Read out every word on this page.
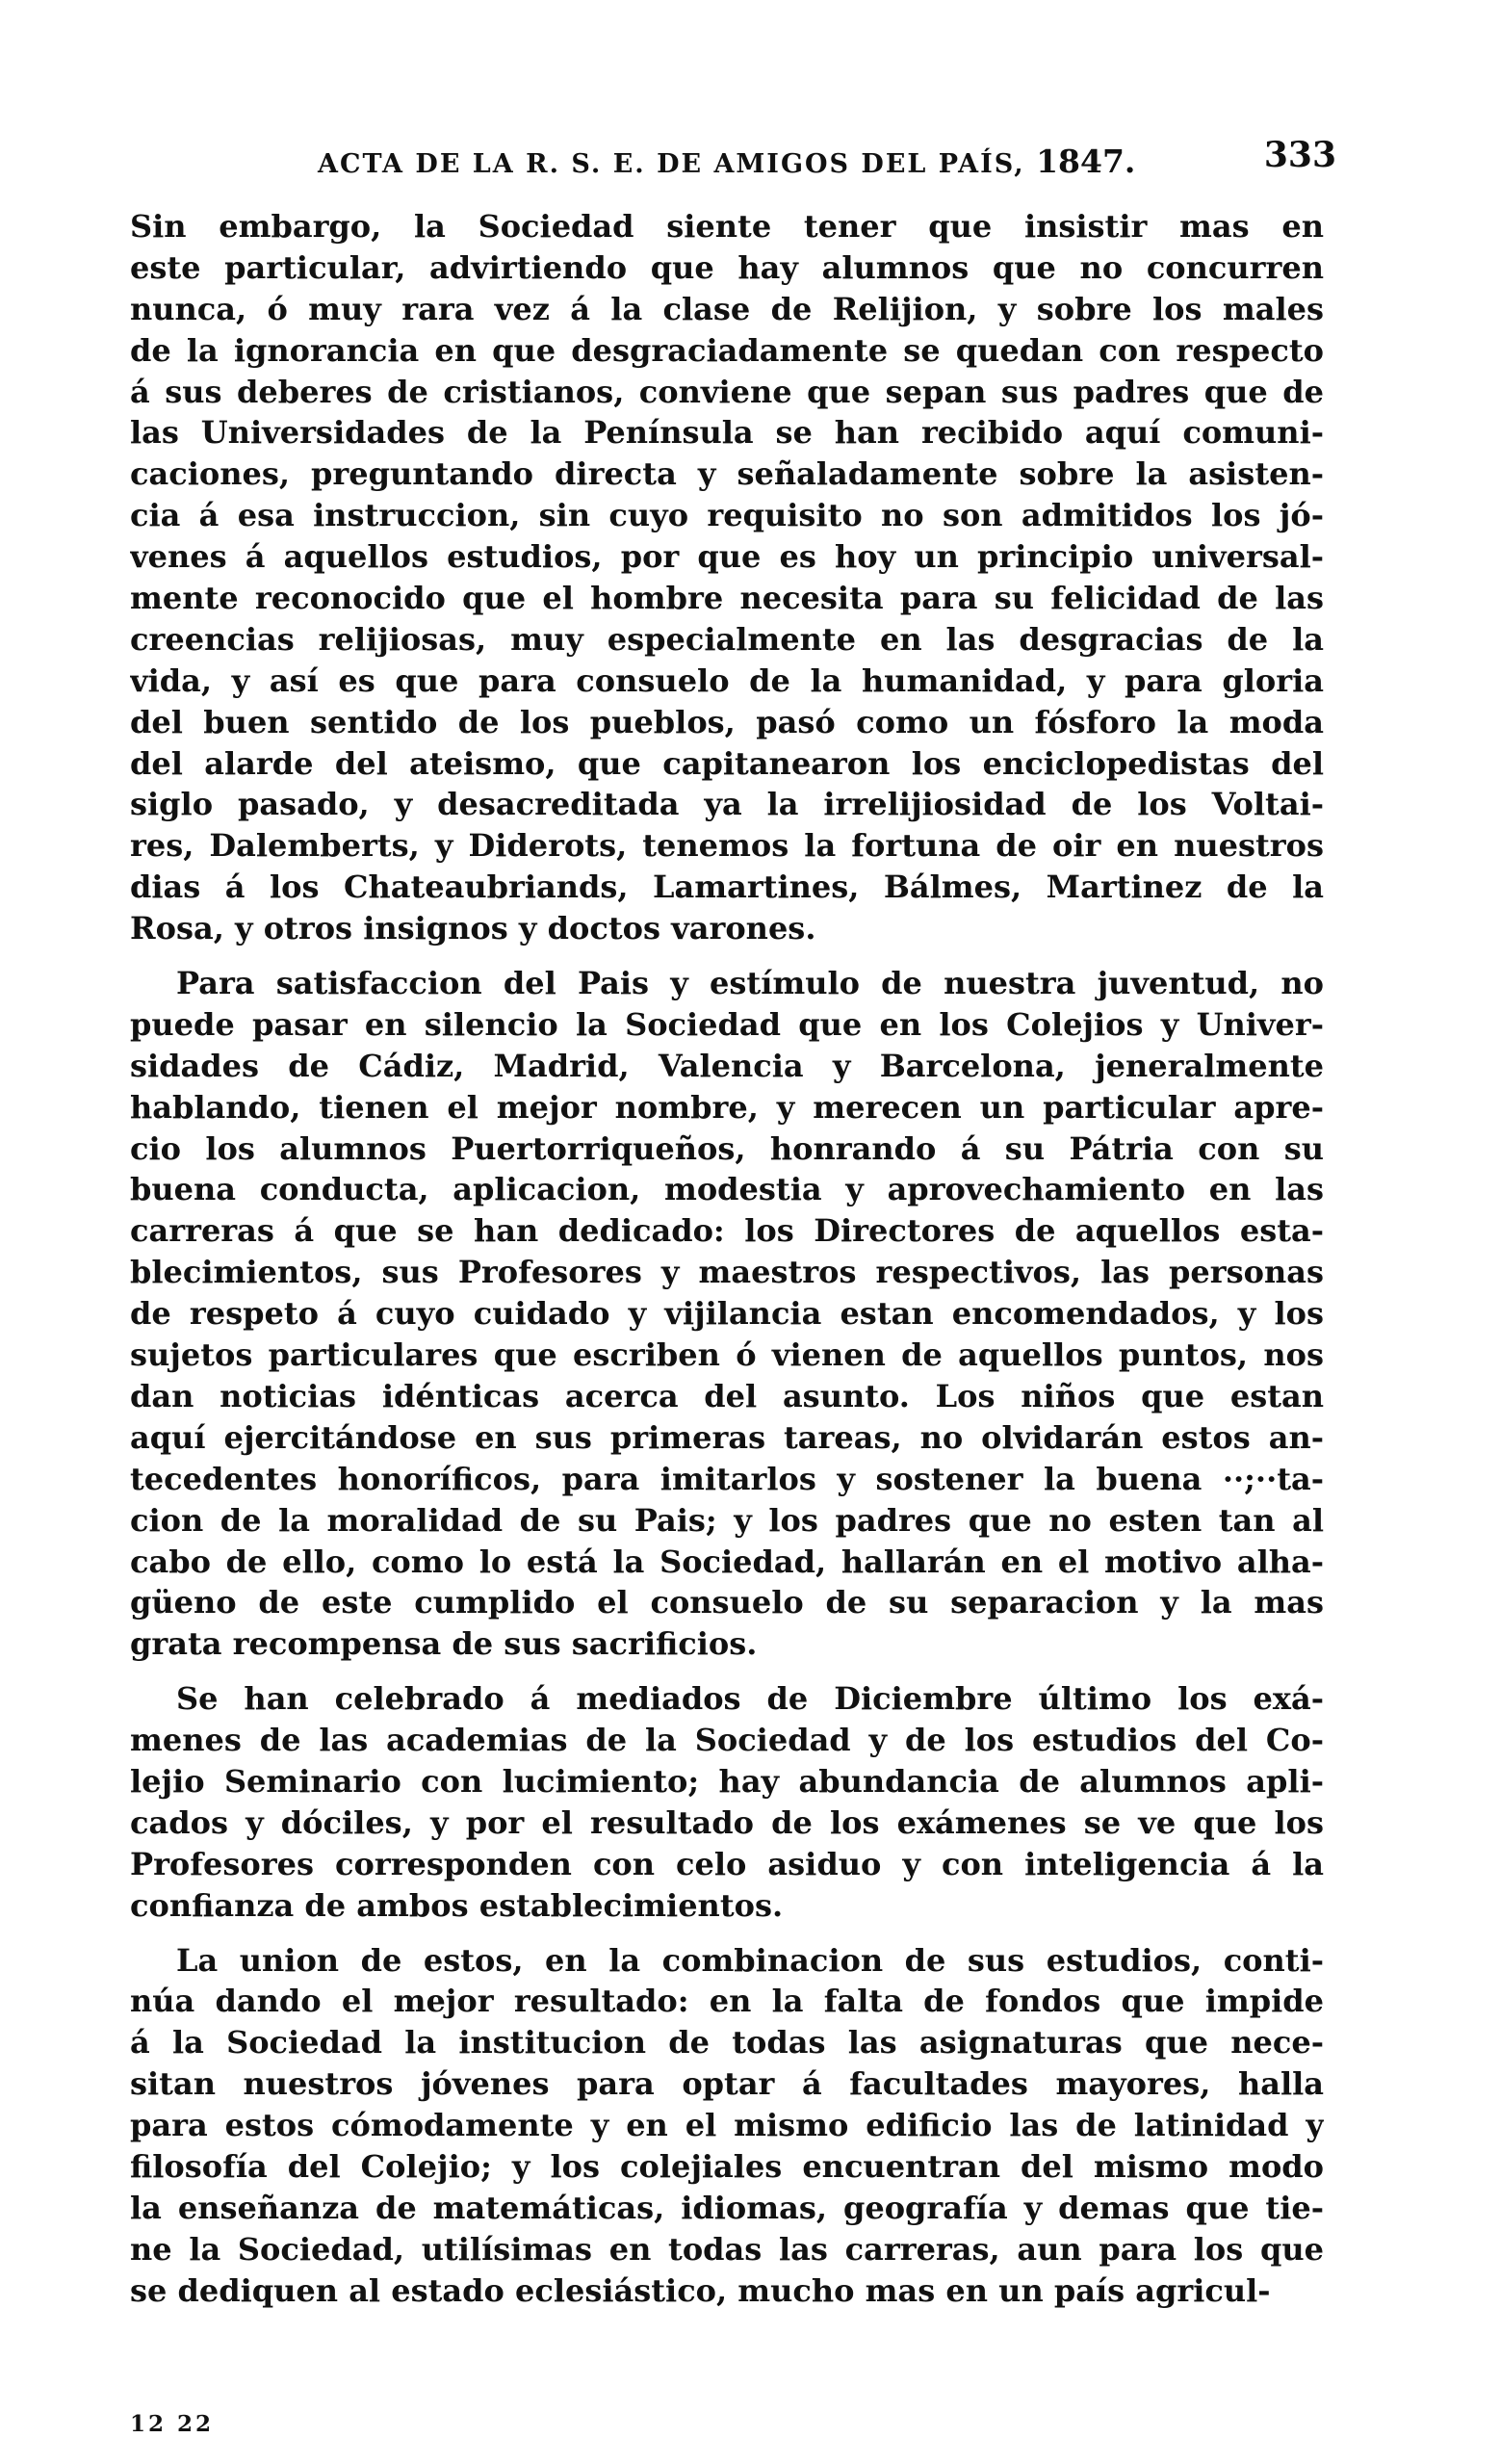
ACTA DE LA R. S. E. DE AMIGOS DEL PAÍS, 1847.	333
Sin embargo, la Sociedad siente tener que insistir mas en
este particular, advirtiendo que hay alumnos que no concurren
nunca, ó muy rara vez á la clase de Relijion, y sobre los males
de la ignorancia en que desgraciadamente se quedan con respecto
á sus deberes de cristianos, conviene que sepan sus padres que de
las Universidades de la Península se han recibido aquí comuni-
caciones, preguntando directa y señaladamente sobre la asisten-
cia á esa instruccion, sin cuyo requisito no son admitidos los jó-
venes á aquellos estudios, por que es hoy un principio universal-
mente reconocido que el hombre necesita para su felicidad de las
creencias relijiosas, muy especialmente en las desgracias de la
vida, y así es que para consuelo de la humanidad, y para gloria
del buen sentido de los pueblos, pasó como un fósforo la moda
del alarde del ateismo, que capitanearon los enciclopedistas del
siglo pasado, y desacreditada ya la irrelijiosidad de los Voltai-
res, Dalemberts, y Diderots, tenemos la fortuna de oir en nuestros
dias á los Chateaubriands, Lamartines, Bálmes, Martinez de la
Rosa, y otros insignos y doctos varones.
Para satisfaccion del Pais y estímulo de nuestra juventud, no
puede pasar en silencio la Sociedad que en los Colejios y Univer-
sidades de Cádiz, Madrid, Valencia y Barcelona, jeneralmente
hablando, tienen el mejor nombre, y merecen un particular apre-
cio los alumnos Puertorriqueños, honrando á su Pátria con su
buena conducta, aplicacion, modestia y aprovechamiento en las
carreras á que se han dedicado: los Directores de aquellos esta-
blecimientos, sus Profesores y maestros respectivos, las personas
de respeto á cuyo cuidado y vijilancia estan encomendados, y los
sujetos particulares que escriben ó vienen de aquellos puntos, nos
dan noticias idénticas acerca del asunto. Los niños que estan
aquí ejercitándose en sus primeras tareas, no olvidarán estos an-
tecedentes honoríficos, para imitarlos y sostener la buena ··;··ta-
cion de la moralidad de su Pais; y los padres que no esten tan al
cabo de ello, como lo está la Sociedad, hallarán en el motivo alha-
güeno de este cumplido el consuelo de su separacion y la mas
grata recompensa de sus sacrificios.
Se han celebrado á mediados de Diciembre último los exá-
menes de las academias de la Sociedad y de los estudios del Co-
lejio Seminario con lucimiento; hay abundancia de alumnos apli-
cados y dóciles, y por el resultado de los exámenes se ve que los
Profesores corresponden con celo asiduo y con inteligencia á la
confianza de ambos establecimientos.
La union de estos, en la combinacion de sus estudios, conti-
núa dando el mejor resultado: en la falta de fondos que impide
á la Sociedad la institucion de todas las asignaturas que nece-
sitan nuestros jóvenes para optar á facultades mayores, halla
para estos cómodamente y en el mismo edificio las de latinidad y
filosofía del Colejio; y los colejiales encuentran del mismo modo
la enseñanza de matemáticas, idiomas, geografía y demas que tie-
ne la Sociedad, utilísimas en todas las carreras, aun para los que
se dediquen al estado eclesiástico, mucho mas en un país agricul-
12 22
